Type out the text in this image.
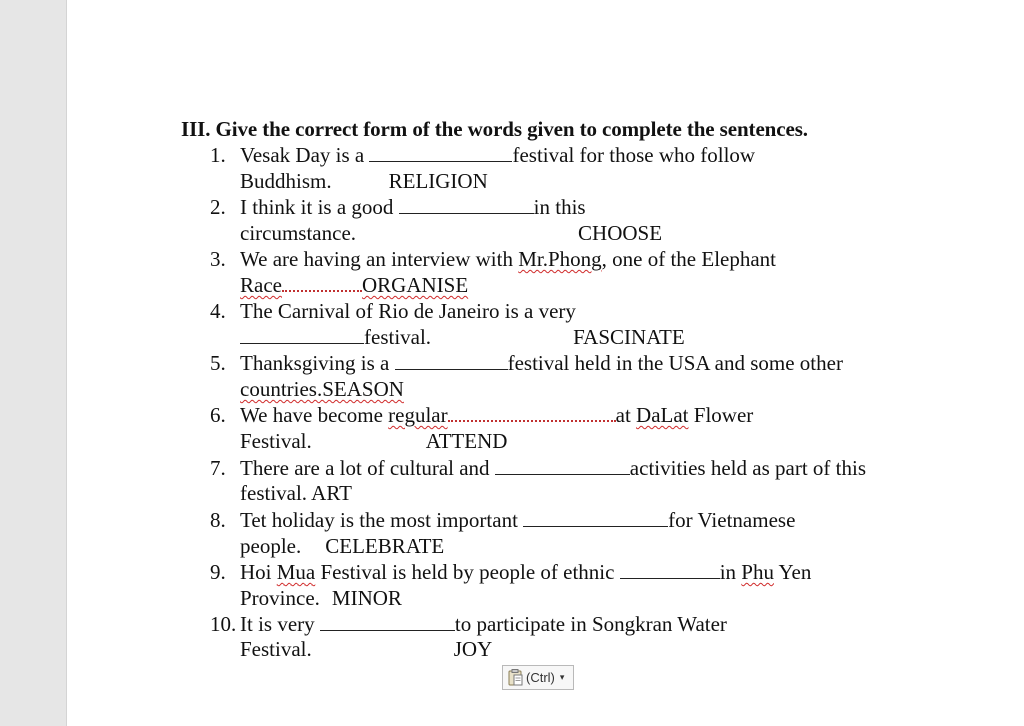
III. Give the correct form of the words given to complete the sentences.
1. Vesak Day is a	festival for those who follow
Buddhism.	RELIGION
2. I think it is a good	in this
circumstance.	CHOOSE
3. We are having an interview with Mr.Phong, one of the Elephant
Race	ORGANISE
4. The Carnival of Rio de Janeiro is a very
festival.	FASCINATE
5. Thanksgiving is a	festival held in the USA and some other
countries.SEASON
6. We have become regular	at DaLat Flower
Festival.	ATTEND
7. There are a lot of cultural and	activities held as part of this
festival. ART
8. Tet holiday is the most important	for Vietnamese
people. CELEBRATE
9. Hoi Mua Festival is held by people of ethnic	in Phu Yen
Province. MINOR
10. It is very	to participate in Songkran Water
Festival.	JOY
(Ctrl) ▾
